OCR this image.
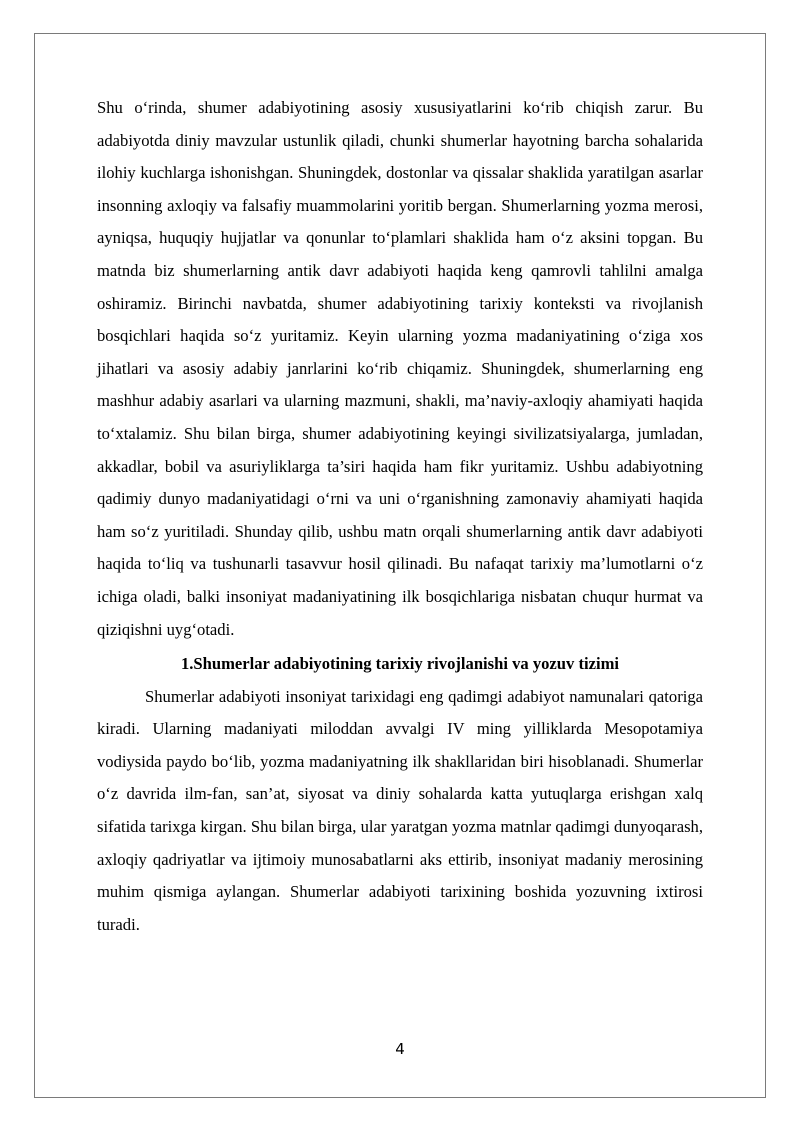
Shu o‘rinda, shumer adabiyotining asosiy xususiyatlarini ko‘rib chiqish zarur. Bu adabiyotda diniy mavzular ustunlik qiladi, chunki shumerlar hayotning barcha sohalarida ilohiy kuchlarga ishonishgan. Shuningdek, dostonlar va qissalar shaklida yaratilgan asarlar insonning axloqiy va falsafiy muammolarini yoritib bergan. Shumerlarning yozma merosi, ayniqsa, huquqiy hujjatlar va qonunlar to‘plamlari shaklida ham o‘z aksini topgan. Bu matnda biz shumerlarning antik davr adabiyoti haqida keng qamrovli tahlilni amalga oshiramiz. Birinchi navbatda, shumer adabiyotining tarixiy konteksti va rivojlanish bosqichlari haqida so‘z yuritamiz. Keyin ularning yozma madaniyatining o‘ziga xos jihatlari va asosiy adabiy janrlarini ko‘rib chiqamiz. Shuningdek, shumerlarning eng mashhur adabiy asarlari va ularning mazmuni, shakli, ma’naviy-axloqiy ahamiyati haqida to‘xtalamiz. Shu bilan birga, shumer adabiyotining keyingi sivilizatsiyalarga, jumladan, akkadlar, bobil va asuriyliklarga ta’siri haqida ham fikr yuritamiz. Ushbu adabiyotning qadimiy dunyo madaniyatidagi o‘rni va uni o‘rganishning zamonaviy ahamiyati haqida ham so‘z yuritiladi. Shunday qilib, ushbu matn orqali shumerlarning antik davr adabiyoti haqida to‘liq va tushunarli tasavvur hosil qilinadi. Bu nafaqat tarixiy ma’lumotlarni o‘z ichiga oladi, balki insoniyat madaniyatining ilk bosqichlariga nisbatan chuqur hurmat va qiziqishni uyg‘otadi.

1.Shumerlar adabiyotining tarixiy rivojlanishi va yozuv tizimi

Shumerlar adabiyoti insoniyat tarixidagi eng qadimgi adabiyot namunalari qatoriga kiradi. Ularning madaniyati miloddan avvalgi IV ming yilliklarda Mesopotamiya vodiysida paydo bo‘lib, yozma madaniyatning ilk shakllaridan biri hisoblanadi. Shumerlar o‘z davrida ilm-fan, san’at, siyosat va diniy sohalarda katta yutuqlarga erishgan xalq sifatida tarixga kirgan. Shu bilan birga, ular yaratgan yozma matnlar qadimgi dunyoqarash, axloqiy qadriyatlar va ijtimoiy munosabatlarni aks ettirib, insoniyat madaniy merosining muhim qismiga aylangan. Shumerlar adabiyoti tarixining boshida yozuvning ixtirosi turadi.

4
